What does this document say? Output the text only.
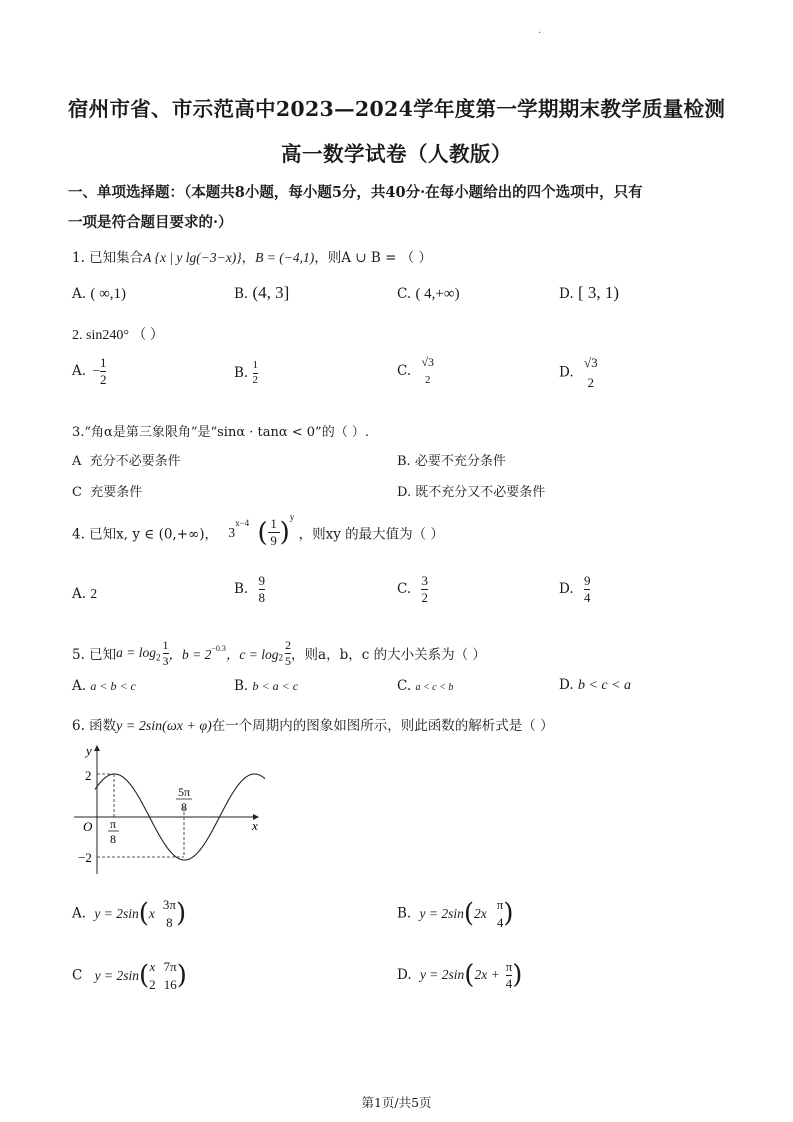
·
宿州市省、市示范高中2023—2024学年度第一学期期末教学质量检测
高一数学试卷（人教版）
一、单项选择题：（本题共8小题，每小题5分，共40分·在每小题给出的四个选项中，只有
一项是符合题目要求的·）
1. 已知集合A {x | y lg(−3−x)}，B = (−4,1)，则A ∪ B = （ ）
A. ( ∞,1)	B. (4, 3]	C. ( 4,+∞)	D. [ 3, 1)
2. sin240° （ ）
A. − $\frac{1}{2}$	B. $\frac{1}{2}$	C.
√3
2	D.
√3
2
3.“角α是第三象限角”是“sinα · tanα < 0”的（ ）.
A 充分不必要条件	B. 必要不充分条件
C 充要条件	D. 既不充分又不必要条件
4. 已知x, y ∈ (0,+∞)， $3^{x-4}$ ( $\frac{1}{9} )^y$ ，则xy 的最大值为（ ）
A. 2	B. $\frac{9}{8}$	C. $\frac{3}{2}$	D. $\frac{9}{4}$
5. 已知$a = \log_2 \frac{1}{3}$ ，$b = 2^{-0.3}$，$c = \log_2 \frac{2}{5}$ ，则a，b，c 的大小关系为（ ）
A. a < b < c	B. b < a < c	C. a < c < b	D. b < c < a
6. 函数y = 2sin(ωx + φ)在一个周期内的图象如图所示，则此函数的解析式是（ ）
y
x
O
2
−2
π
8
5π
8
A. y = 2sin(x
3π
8 )	B. y = 2sin(2x
π
4 )
C y = 2sin( x
2
7π
16 )	D. $y = 2\sin(2x + \frac{\pi}{4}$ )
第1页/共5页
